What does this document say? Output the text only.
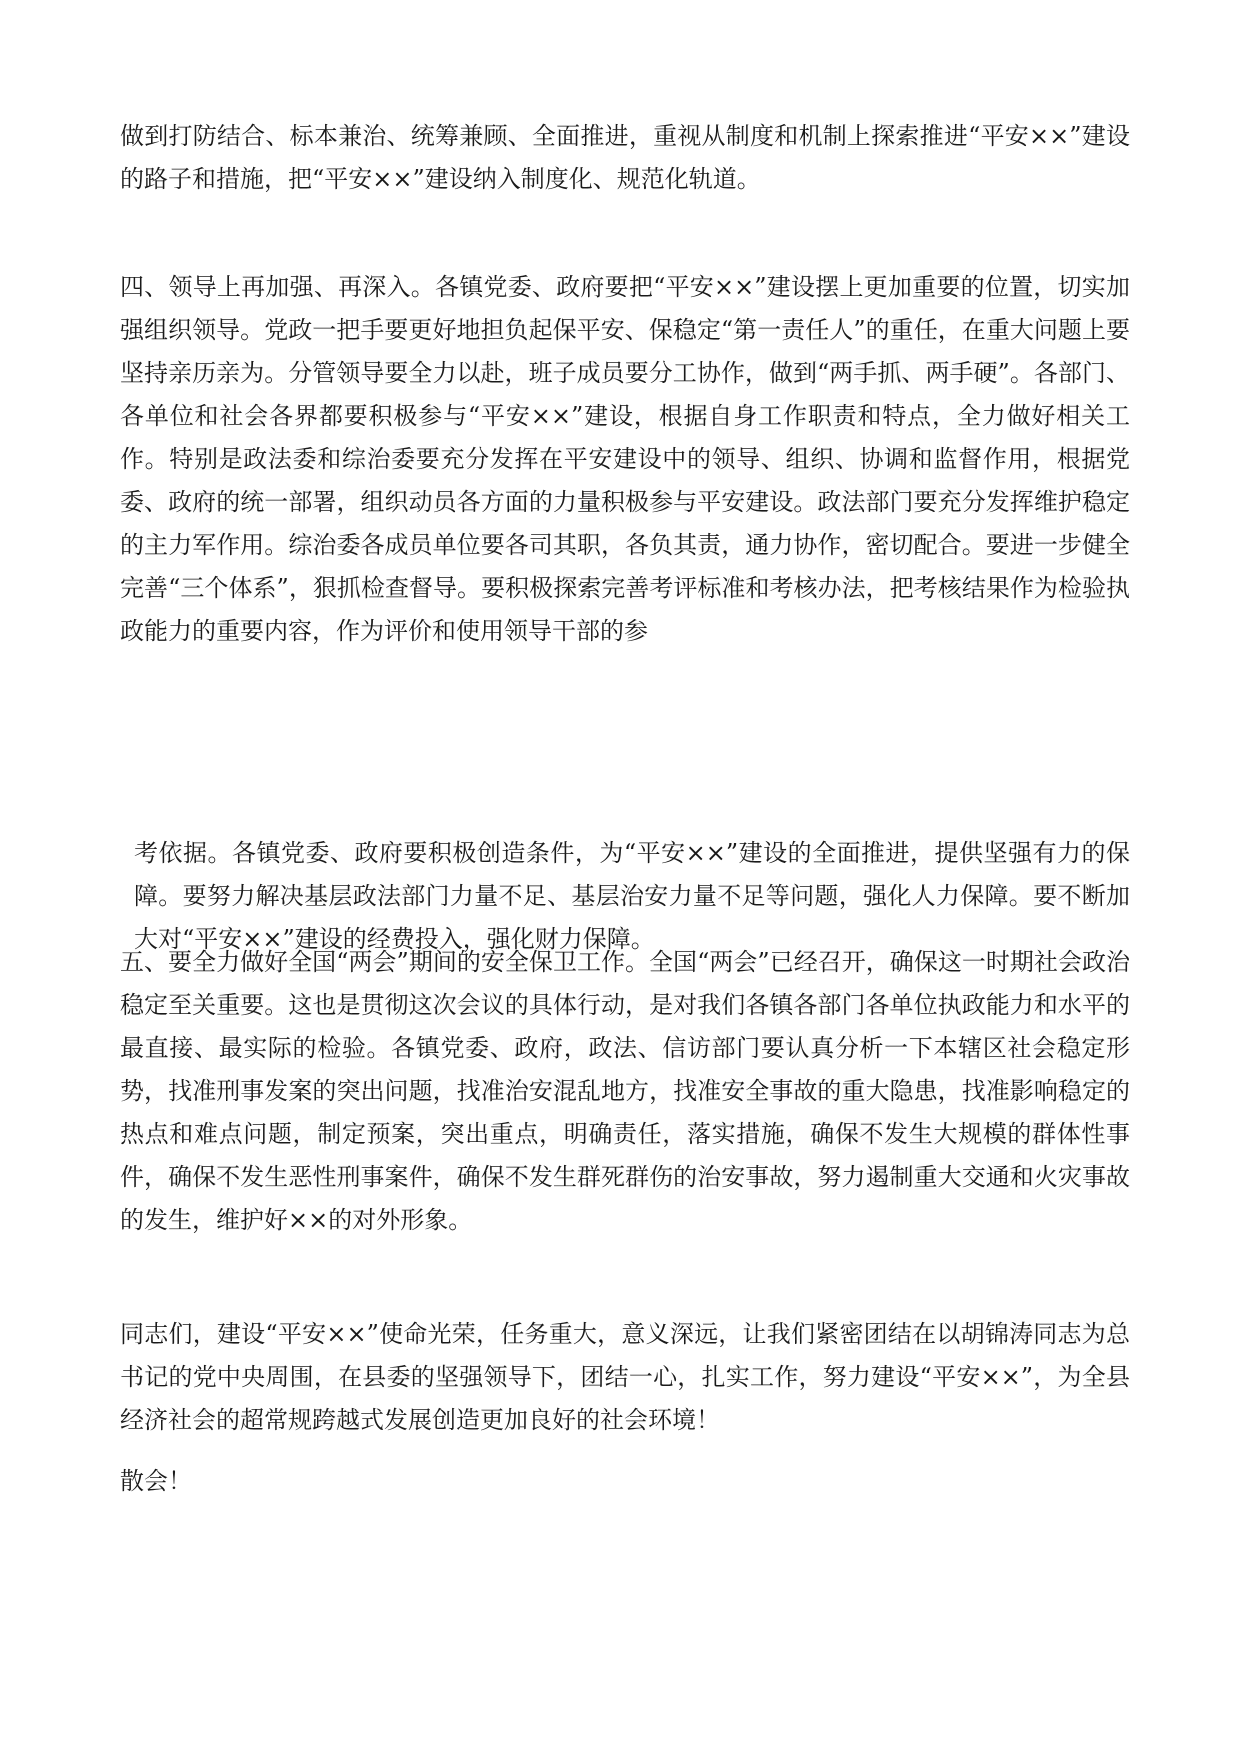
做到打防结合、标本兼治、统筹兼顾、全面推进，重视从制度和机制上探索推进“平安××”建设的路子和措施，把“平安××”建设纳入制度化、规范化轨道。

四、领导上再加强、再深入。各镇党委、政府要把“平安××”建设摆上更加重要的位置，切实加强组织领导。党政一把手要更好地担负起保平安、保稳定“第一责任人”的重任，在重大问题上要坚持亲历亲为。分管领导要全力以赴，班子成员要分工协作，做到“两手抓、两手硬”。各部门、各单位和社会各界都要积极参与“平安××”建设，根据自身工作职责和特点，全力做好相关工作。特别是政法委和综治委要充分发挥在平安建设中的领导、组织、协调和监督作用，根据党委、政府的统一部署，组织动员各方面的力量积极参与平安建设。政法部门要充分发挥维护稳定的主力军作用。综治委各成员单位要各司其职，各负其责，通力协作，密切配合。要进一步健全完善“三个体系”，狠抓检查督导。要积极探索完善考评标准和考核办法，把考核结果作为检验执政能力的重要内容，作为评价和使用领导干部的参

考依据。各镇党委、政府要积极创造条件，为“平安××”建设的全面推进，提供坚强有力的保障。要努力解决基层政法部门力量不足、基层治安力量不足等问题，强化人力保障。要不断加大对“平安××”建设的经费投入，强化财力保障。

五、要全力做好全国“两会”期间的安全保卫工作。全国“两会”已经召开，确保这一时期社会政治稳定至关重要。这也是贯彻这次会议的具体行动，是对我们各镇各部门各单位执政能力和水平的最直接、最实际的检验。各镇党委、政府，政法、信访部门要认真分析一下本辖区社会稳定形势，找准刑事发案的突出问题，找准治安混乱地方，找准安全事故的重大隐患，找准影响稳定的热点和难点问题，制定预案，突出重点，明确责任，落实措施，确保不发生大规模的群体性事件，确保不发生恶性刑事案件，确保不发生群死群伤的治安事故，努力遏制重大交通和火灾事故的发生，维护好××的对外形象。

同志们，建设“平安××”使命光荣，任务重大，意义深远，让我们紧密团结在以胡锦涛同志为总书记的党中央周围，在县委的坚强领导下，团结一心，扎实工作，努力建设“平安××”，为全县经济社会的超常规跨越式发展创造更加良好的社会环境！

散会！
